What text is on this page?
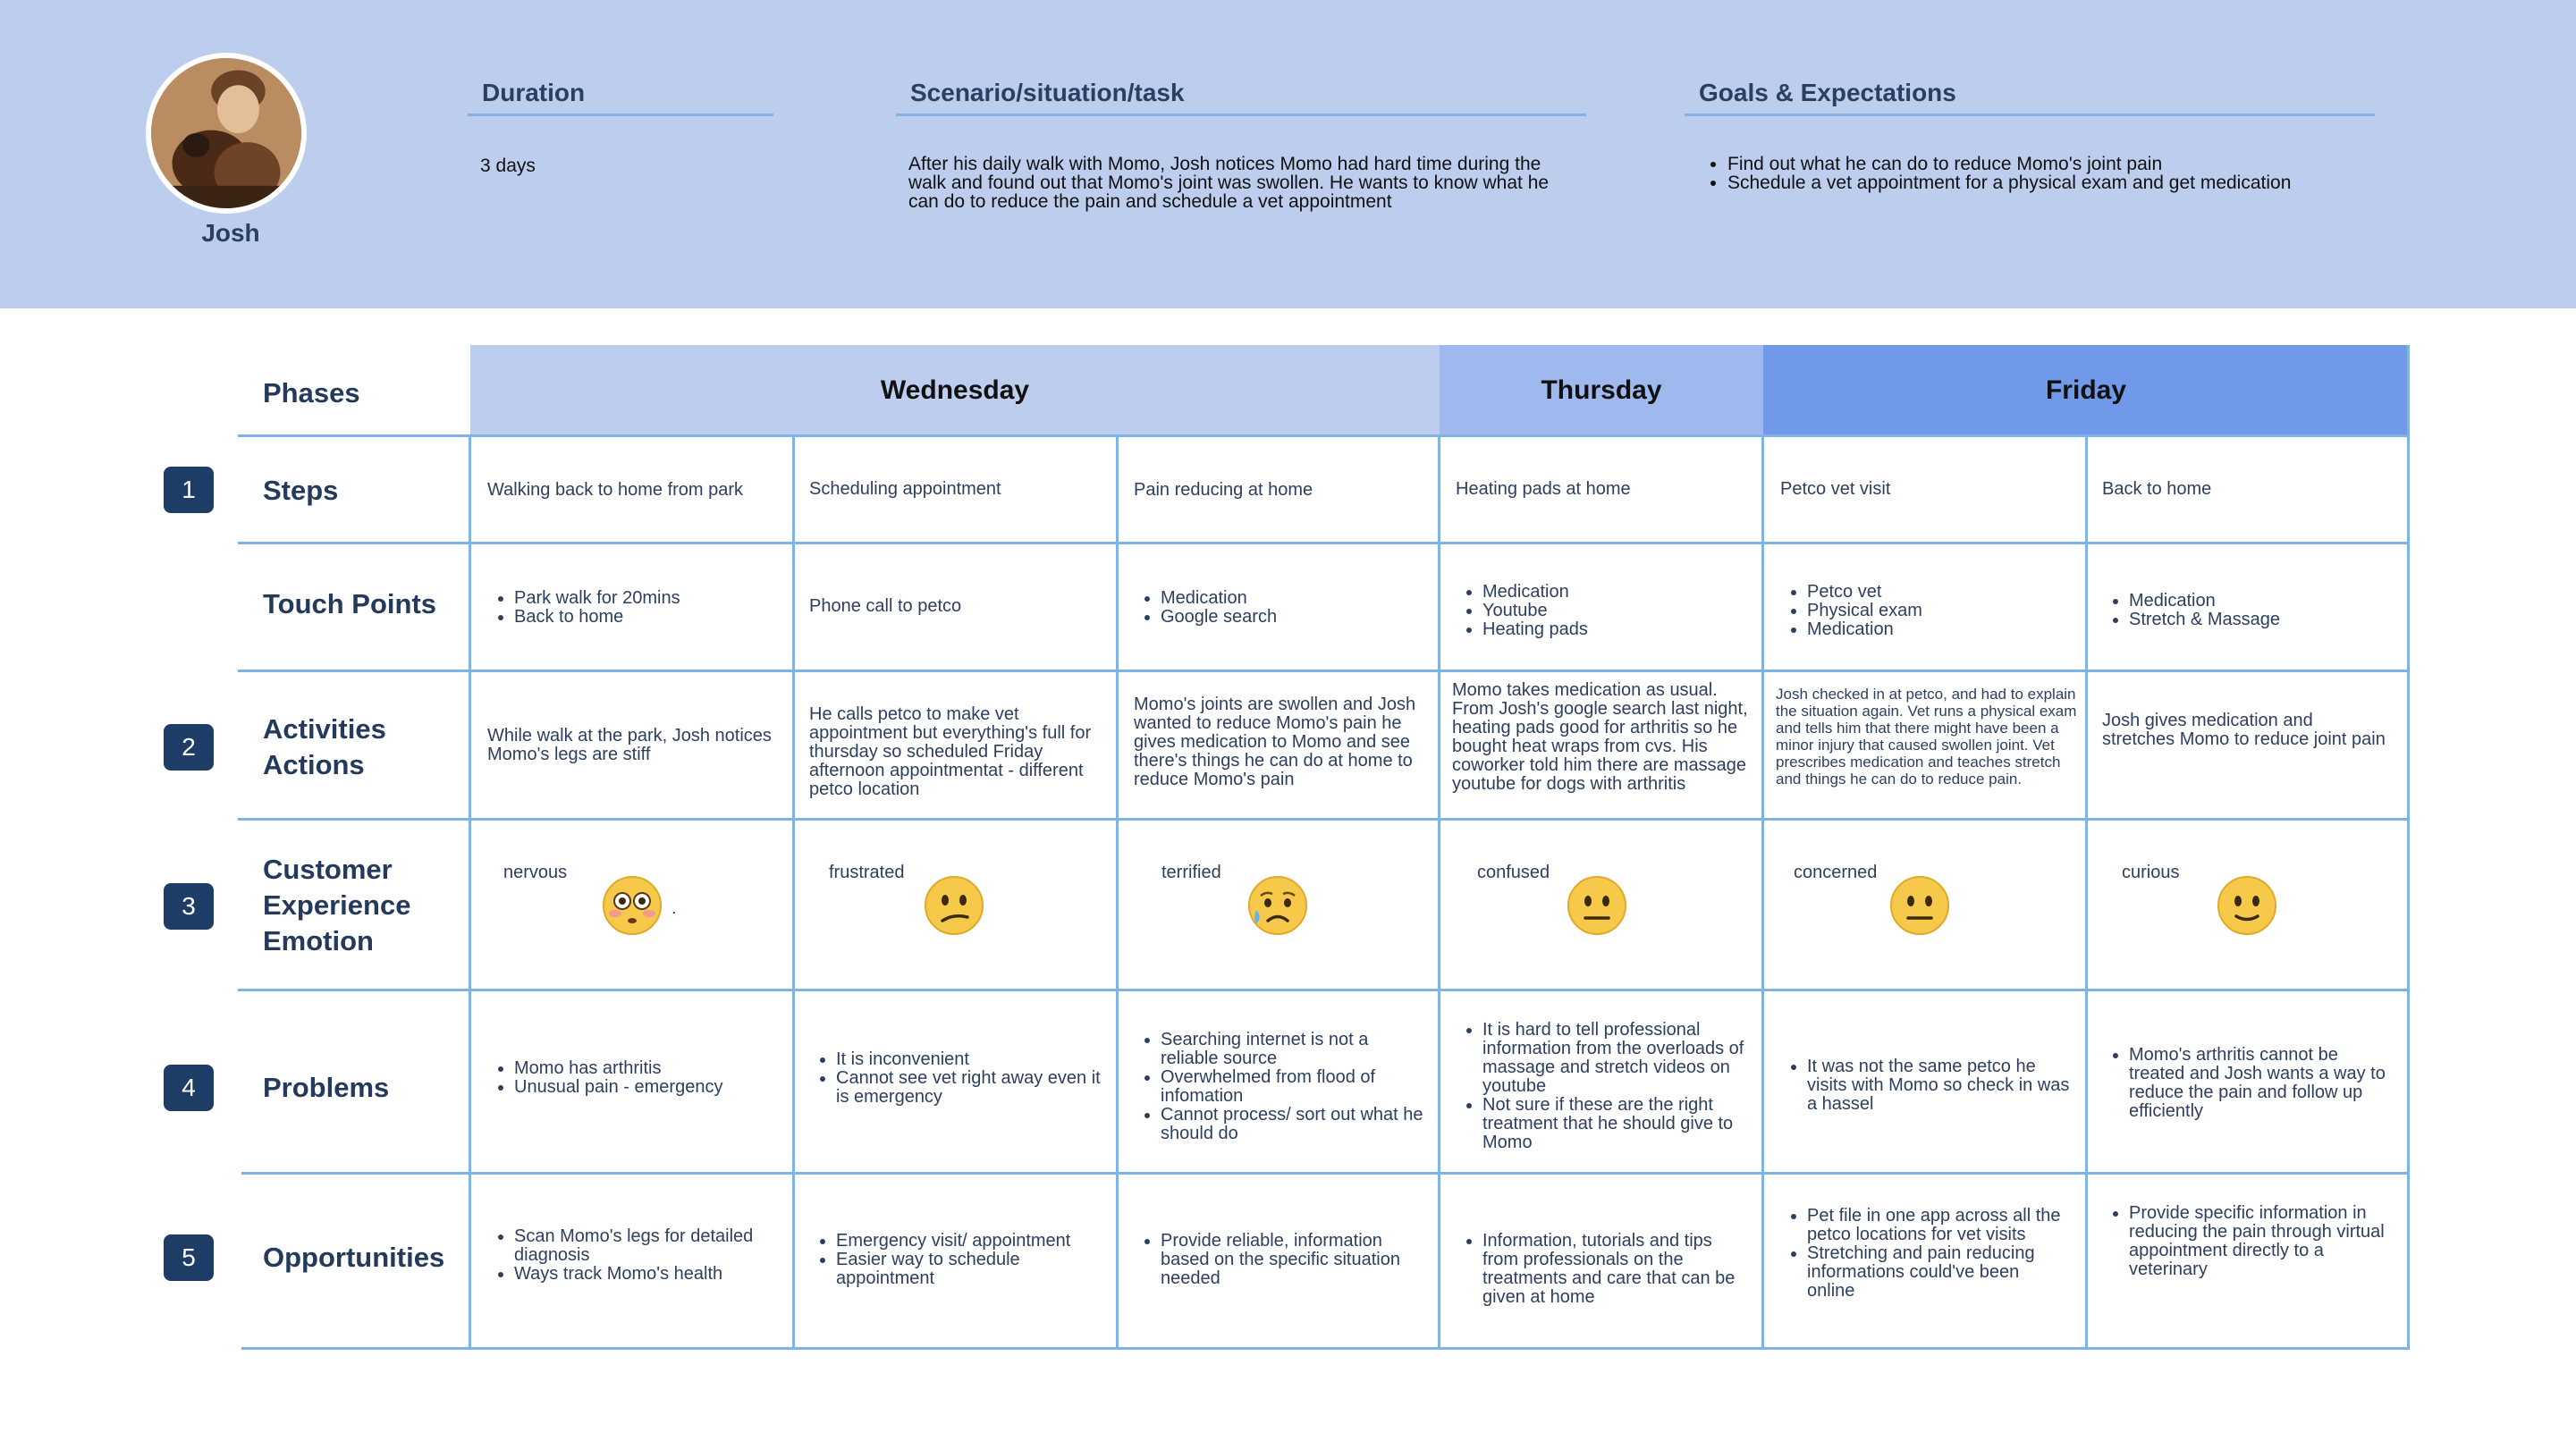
Josh
Duration
3 days
Scenario/situation/task
After his daily walk with Momo, Josh notices Momo had hard time during the walk and found out that Momo's joint was swollen. He wants to know what he can do to reduce the pain and schedule a vet appointment
Goals & Expectations
• Find out what he can do to reduce Momo's joint pain
• Schedule a vet appointment for a physical exam and get medication
Phases	Wednesday	Thursday	Friday
1
2
3
4
5
Steps
Touch Points
Activities
Actions
Customer
Experience
Emotion
Problems
Opportunities
Walking back to home from park	Scheduling appointment	Pain reducing at home	Heating pads at home	Petco vet visit	Back to home
• Park walk for 20mins
• Back to home
Phone call to petco
•	Medication
• Google search
• Medication
• Youtube
• Heating pads
• Petco vet
• Physical exam
• Medication
• Medication
• Stretch & Massage
While walk at the park, Josh notices Momo's legs are stiff
He calls petco to make vet appointment but everything's full for thursday so scheduled Friday afternoon appointmentat - different petco location
Momo's joints are swollen and Josh wanted to reduce Momo's pain he gives medication to Momo and see there's things he can do at home to reduce Momo's pain
Momo takes medication as usual. From Josh's google search last night, heating pads good for arthritis so he bought heat wraps from cvs. His coworker told him there are massage youtube for dogs with arthritis
Josh checked in at petco, and had to explain the situation again. Vet runs a physical exam and tells him that there might have been a minor injury that caused swollen joint. Vet prescribes medication and teaches stretch and things he can do to reduce pain.
Josh gives medication and stretches Momo to reduce joint pain
nervous
.
frustrated	terrified	confused	concerned	curious
• Momo has arthritis
• Unusual pain - emergency
• It is inconvenient
• Cannot see vet right away even it is emergency
• Searching internet is not a reliable source
• Overwhelmed from flood of infomation
• Cannot process/ sort out what he should do
• It is hard to tell professional information from the overloads of massage and stretch videos on youtube
• Not sure if these are the right treatment that he should give to Momo
• It was not the same petco he visits with Momo so check in was a hassel
• Momo's arthritis cannot be treated and Josh wants a way to reduce the pain and follow up efficiently
• Scan Momo's legs for detailed diagnosis
• Ways track Momo's health
• Emergency visit/ appointment
• Easier way to schedule appointment
• Provide reliable, information based on the specific situation needed
• Information, tutorials and tips from professionals on the treatments and care that can be given at home
• Pet file in one app across all the petco locations for vet visits
• Stretching and pain reducing informations could've been online
• Provide specific information in reducing the pain through virtual appointment directly to a veterinary
